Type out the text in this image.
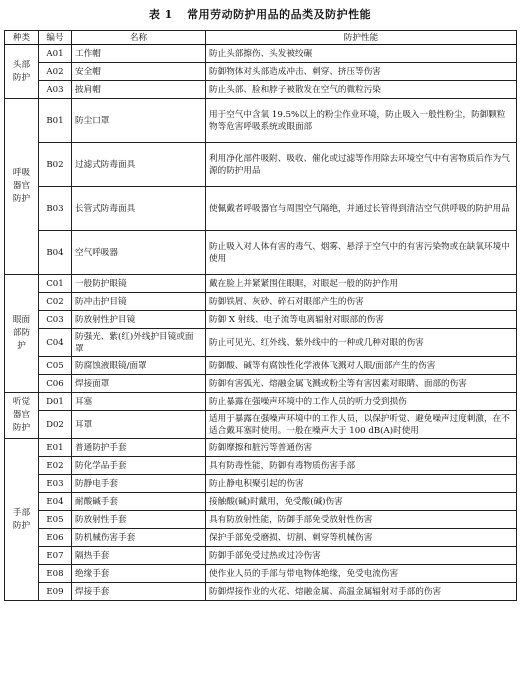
表 1 常用劳动防护用品的品类及防护性能
种类	编号	名称	防护性能
头部防护	A01	工作帽	防止头部擦伤、头发被绞碾
	A02	安全帽	防御物体对头部造成冲击、刺穿、挤压等伤害
	A03	披肩帽	防止头部、脸和脖子被散发在空气的微粒污染
呼吸器官防护	B01	防尘口罩	用于空气中含氧 19.5%以上的粉尘作业环境，防止吸入一般性粉尘，防御颗粒物等危害呼吸系统或眼面部
	B02	过滤式防毒面具	利用净化部件吸附、吸收、催化或过滤等作用除去环境空气中有害物质后作为气源的防护用品
	B03	长管式防毒面具	使佩戴者呼吸器官与周围空气隔绝，并通过长管得到清洁空气供呼吸的防护用品
	B04	空气呼吸器	防止吸入对人体有害的毒气、烟雾、悬浮于空气中的有害污染物或在缺氧环境中使用
眼面部防护	C01	一般防护眼镜	戴在脸上并紧紧围住眼眶，对眼起一般的防护作用
	C02	防冲击护目镜	防御铁屑、灰砂、碎石对眼部产生的伤害
	C03	防放射性护目镜	防御 X 射线、电子流等电离辐射对眼部的伤害
	C04	防强光、紫(红)外线护目镜或面罩	防止可见光、红外线、紫外线中的一种或几种对眼的伤害
	C05	防腐蚀液眼镜/面罩	防御酸、碱等有腐蚀性化学液体飞溅对人眼/面部产生的伤害
	C06	焊接面罩	防御有害弧光、熔融金属飞溅或粉尘等有害因素对眼睛、面部的伤害
听觉器官防护	D01	耳塞	防止暴露在强噪声环境中的工作人员的听力受到损伤
	D02	耳罩	适用于暴露在强噪声环境中的工作人员，以保护听觉、避免噪声过度刺激，在不适合戴耳塞时使用。一般在噪声大于 100 dB(A)时使用
手部防护	E01	普通防护手套	防御摩擦和脏污等普通伤害
	E02	防化学品手套	具有防毒性能，防御有毒物质伤害手部
	E03	防静电手套	防止静电积聚引起的伤害
	E04	耐酸碱手套	接触酸(碱)时戴用，免受酸(碱)伤害
	E05	防放射性手套	具有防放射性能，防御手部免受放射性伤害
	E06	防机械伤害手套	保护手部免受磨损、切割、刺穿等机械伤害
	E07	隔热手套	防御手部免受过热或过冷伤害
	E08	绝缘手套	使作业人员的手部与带电物体绝缘，免受电流伤害
	E09	焊接手套	防御焊接作业的火花、熔融金属、高温金属辐射对手部的伤害
